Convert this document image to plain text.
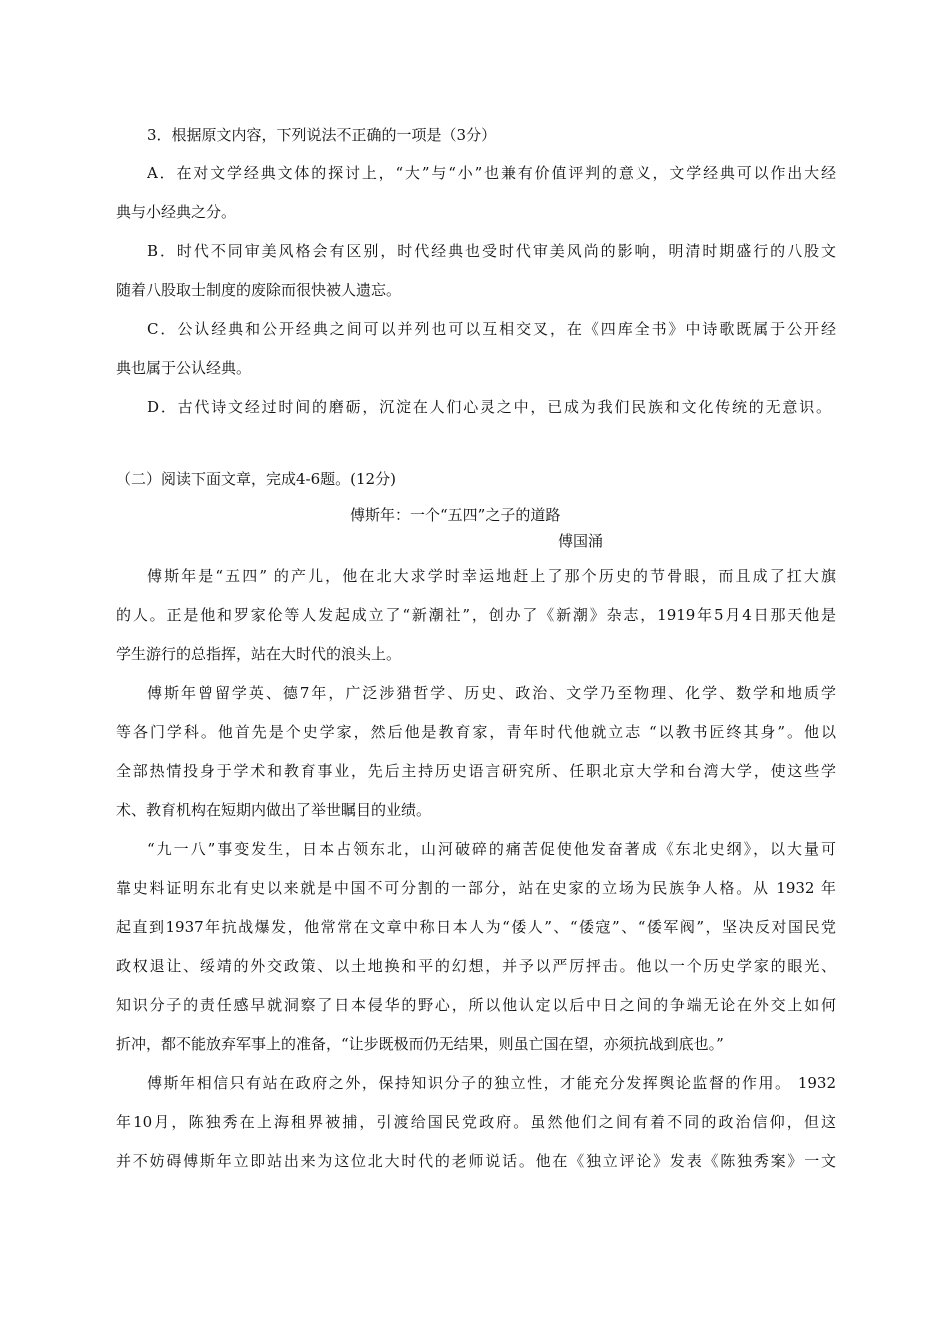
3．根据原文内容，下列说法不正确的一项是（3分）
A．在对文学经典文体的探讨上，“大”与“小”也兼有价值评判的意义，文学经典可以作出大经
典与小经典之分。
B．时代不同审美风格会有区别，时代经典也受时代审美风尚的影响，明清时期盛行的八股文
随着八股取士制度的废除而很快被人遗忘。
C．公认经典和公开经典之间可以并列也可以互相交叉，在《四库全书》中诗歌既属于公开经
典也属于公认经典。
D．古代诗文经过时间的磨砺，沉淀在人们心灵之中，已成为我们民族和文化传统的无意识。
（二）阅读下面文章，完成4-6题。(12分)
傅斯年：一个“五四”之子的道路
傅国涌
傅斯年是“五四” 的产儿，他在北大求学时幸运地赶上了那个历史的节骨眼，而且成了扛大旗
的人。正是他和罗家伦等人发起成立了“新潮社”，创办了《新潮》杂志，1919年5月4日那天他是
学生游行的总指挥，站在大时代的浪头上。
傅斯年曾留学英、德7年，广泛涉猎哲学、历史、政治、文学乃至物理、化学、数学和地质学
等各门学科。他首先是个史学家，然后他是教育家，青年时代他就立志 “以教书匠终其身”。他以
全部热情投身于学术和教育事业，先后主持历史语言研究所、任职北京大学和台湾大学，使这些学
术、教育机构在短期内做出了举世瞩目的业绩。
“九一八”事变发生，日本占领东北，山河破碎的痛苦促使他发奋著成《东北史纲》，以大量可
靠史料证明东北有史以来就是中国不可分割的一部分，站在史家的立场为民族争人格。从 1932 年
起直到1937年抗战爆发，他常常在文章中称日本人为“倭人”、“倭寇”、“倭军阀”，坚决反对国民党
政权退让、绥靖的外交政策、以土地换和平的幻想，并予以严厉抨击。他以一个历史学家的眼光、
知识分子的责任感早就洞察了日本侵华的野心，所以他认定以后中日之间的争端无论在外交上如何
折冲，都不能放弃军事上的准备，“让步既极而仍无结果，则虽亡国在望，亦须抗战到底也。”
傅斯年相信只有站在政府之外，保持知识分子的独立性，才能充分发挥舆论监督的作用。 1932
年10月，陈独秀在上海租界被捕，引渡给国民党政府。虽然他们之间有着不同的政治信仰，但这
并不妨碍傅斯年立即站出来为这位北大时代的老师说话。他在《独立评论》发表《陈独秀案》一文
